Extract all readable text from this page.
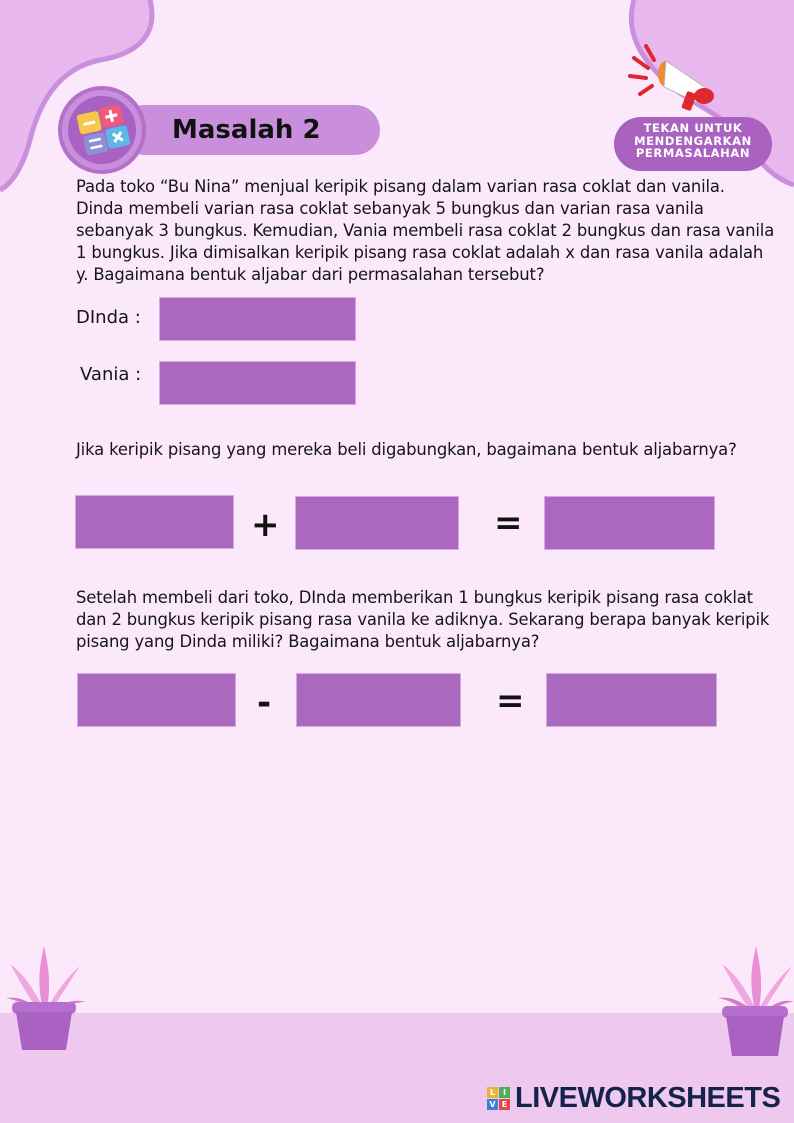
Masalah 2	TEKAN UNTUK MENDENGARKAN PERMASALAHAN

Pada toko “Bu Nina” menjual keripik pisang dalam varian rasa coklat dan vanila. Dinda membeli varian rasa coklat sebanyak 5 bungkus dan varian rasa vanila sebanyak 3 bungkus. Kemudian, Vania membeli rasa coklat 2 bungkus dan rasa vanila 1 bungkus. Jika dimisalkan keripik pisang rasa coklat adalah x dan rasa vanila adalah y. Bagaimana bentuk aljabar dari permasalahan tersebut?

DInda :
Vania :

Jika keripik pisang yang mereka beli digabungkan, bagaimana bentuk aljabarnya?

+	=

Setelah membeli dari toko, DInda memberikan 1 bungkus keripik pisang rasa coklat dan 2 bungkus keripik pisang rasa vanila ke adiknya. Sekarang berapa banyak keripik pisang yang Dinda miliki? Bagaimana bentuk aljabarnya?

-	=
L I
V E LIVEWORKSHEETS
